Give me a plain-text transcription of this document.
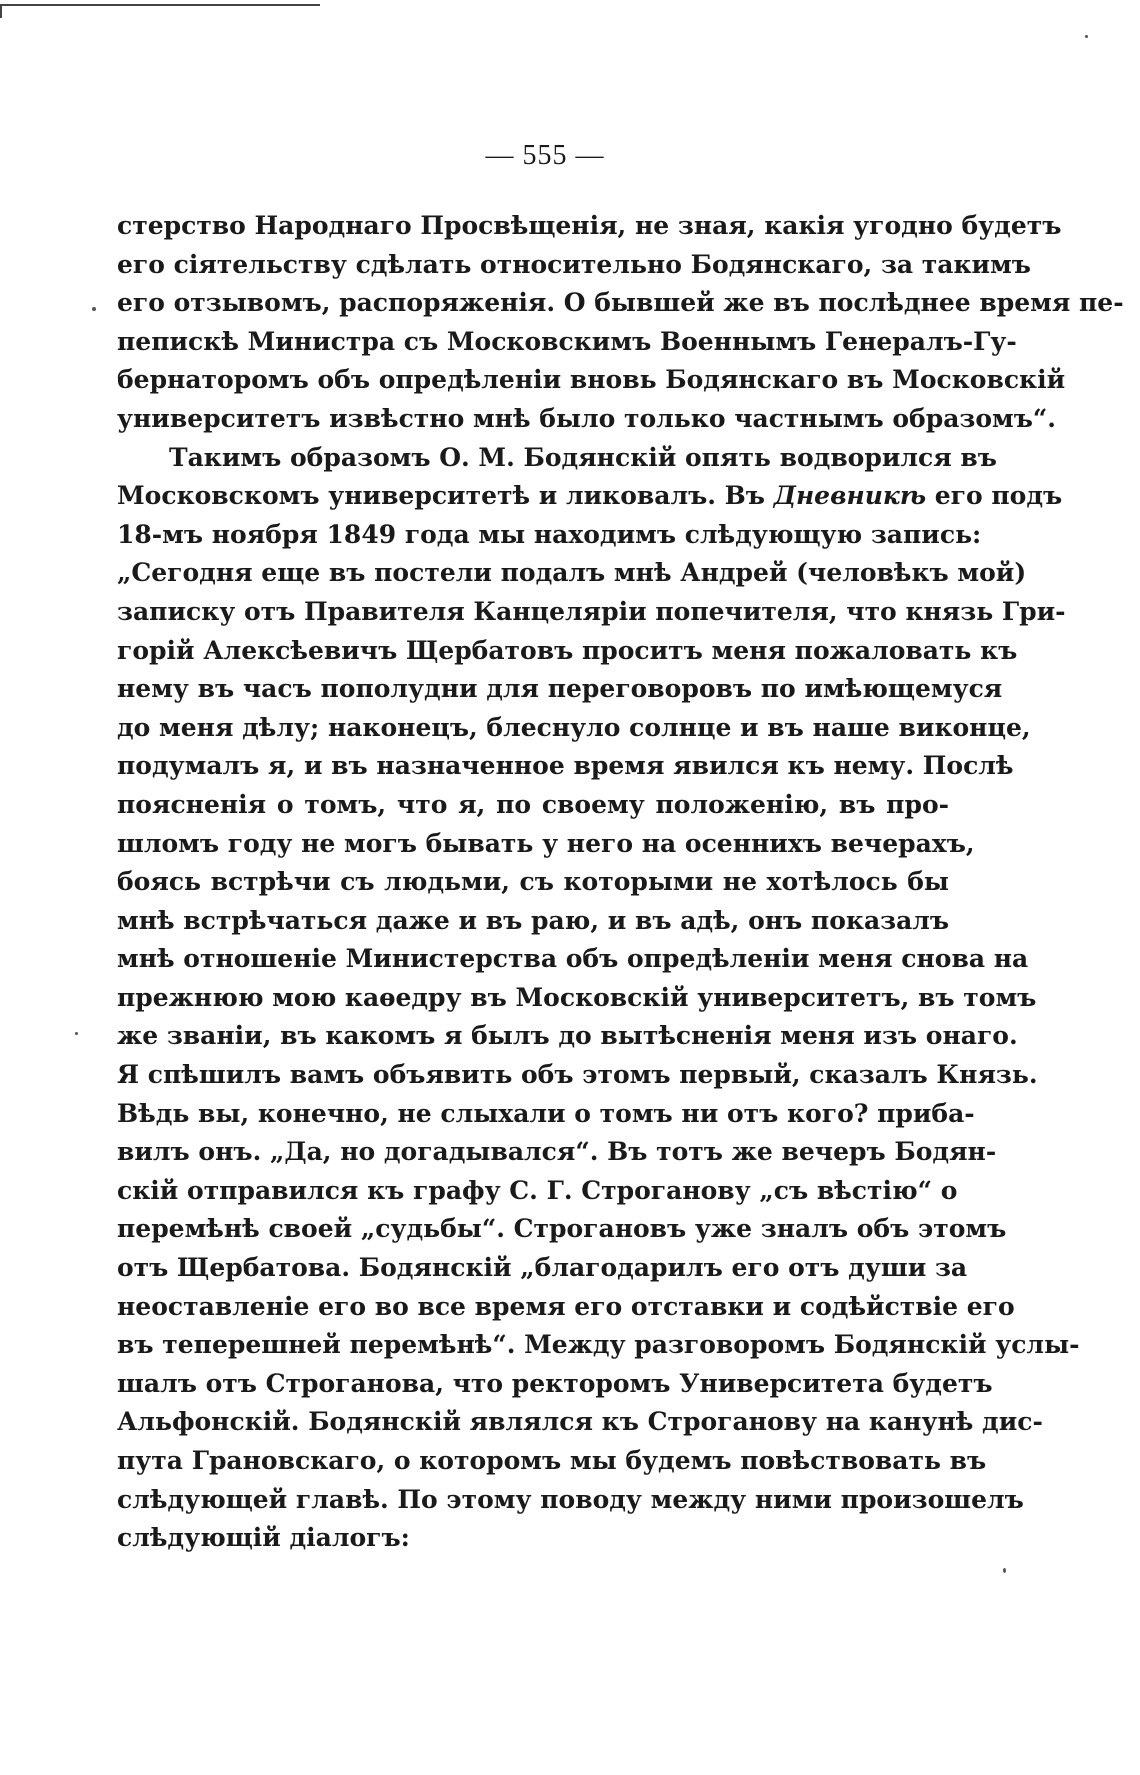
— 555 —
стерство Народнаго Просвѣщенія, не зная, какія угодно будетъ
его сіятельству сдѣлать относительно Бодянскаго, за такимъ
его отзывомъ, распоряженія. О бывшей же въ послѣднее время пе-
пепискѣ Министра съ Московскимъ Военнымъ Генералъ-Гу-
бернаторомъ объ опредѣленіи вновь Бодянскаго въ Московскій
университетъ извѣстно мнѣ было только частнымъ образомъ“.
Такимъ образомъ О. М. Бодянскій опять водворился въ
Московскомъ университетѣ и ликовалъ. Въ Дневникѣ его подъ
18-мъ ноября 1849 года мы находимъ слѣдующую запись:
„Сегодня еще въ постели подалъ мнѣ Андрей (человѣкъ мой)
записку отъ Правителя Канцеляріи попечителя, что князь Гри-
горій Алексѣевичъ Щербатовъ проситъ меня пожаловать къ
нему въ часъ пополудни для переговоровъ по имѣющемуся
до меня дѣлу; наконецъ, блеснуло солнце и въ наше виконце,
подумалъ я, и въ назначенное время явился къ нему. Послѣ
поясненія о томъ, что я, по своему положенію, въ про-
шломъ году не могъ бывать у него на осеннихъ вечерахъ,
боясь встрѣчи съ людьми, съ которыми не хотѣлось бы
мнѣ встрѣчаться даже и въ раю, и въ адѣ, онъ показалъ
мнѣ отношеніе Министерства объ опредѣленіи меня снова на
прежнюю мою каѳедру въ Московскій университетъ, въ томъ
же званіи, въ какомъ я былъ до вытѣсненія меня изъ онаго.
Я спѣшилъ вамъ объявить объ этомъ первый, сказалъ Князь.
Вѣдь вы, конечно, не слыхали о томъ ни отъ кого? приба-
вилъ онъ. „Да, но догадывался“. Въ тотъ же вечеръ Бодян-
скій отправился къ графу С. Г. Строганову „съ вѣстію“ о
перемѣнѣ своей „судьбы“. Строгановъ уже зналъ объ этомъ
отъ Щербатова. Бодянскій „благодарилъ его отъ души за
неоставленіе его во все время его отставки и содѣйствіе его
въ теперешней перемѣнѣ“. Между разговоромъ Бодянскій услы-
шалъ отъ Строганова, что ректоромъ Университета будетъ
Альфонскій. Бодянскій являлся къ Строганову на канунѣ дис-
пута Грановскаго, о которомъ мы будемъ повѣствовать въ
слѣдующей главѣ. По этому поводу между ними произошелъ
слѣдующій діалогъ:
